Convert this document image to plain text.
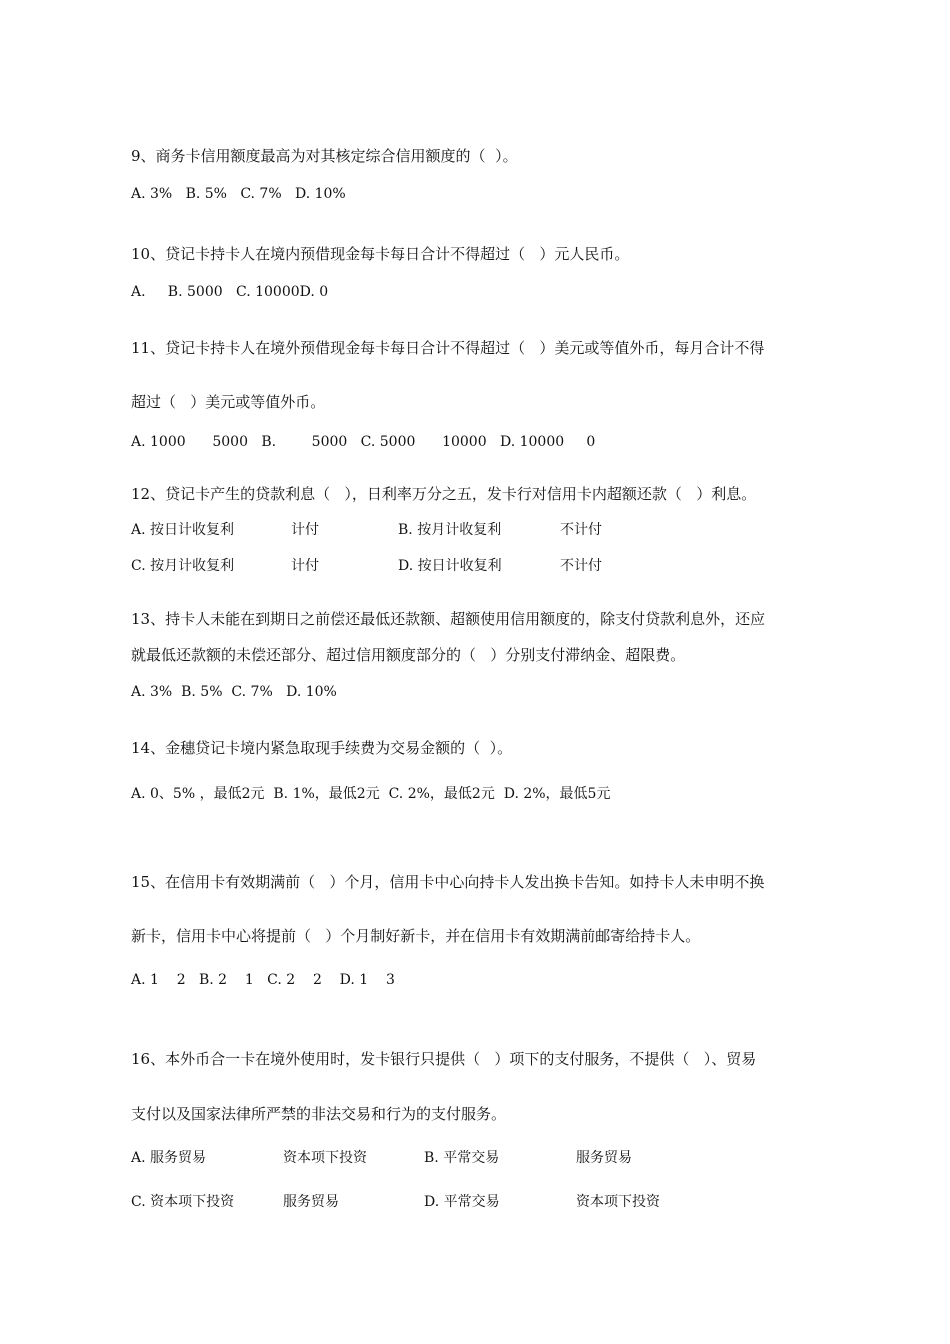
9、商务卡信用额度最高为对其核定综合信用额度的（  ）。
A. 3%   B. 5%   C. 7%   D. 10%
10、贷记卡持卡人在境内预借现金每卡每日合计不得超过（   ）元人民币。
A.     B. 5000   C. 10000D. 0
11、贷记卡持卡人在境外预借现金每卡每日合计不得超过（   ）美元或等值外币，每月合计不得
超过（   ）美元或等值外币。
A. 1000      5000   B.        5000   C. 5000      10000   D. 10000     0
12、贷记卡产生的贷款利息（   ），日利率万分之五，发卡行对信用卡内超额还款（   ）利息。
A. 按日计收复利	计付	B. 按月计收复利	不计付
C. 按月计收复利	计付	D. 按日计收复利	不计付
13、持卡人未能在到期日之前偿还最低还款额、超额使用信用额度的，除支付贷款利息外，还应
就最低还款额的未偿还部分、超过信用额度部分的（   ）分别支付滞纳金、超限费。
A. 3%  B. 5%  C. 7%   D. 10%
14、金穗贷记卡境内紧急取现手续费为交易金额的（  ）。
A. 0、5% ，最低2元  B. 1%，最低2元  C. 2%，最低2元  D. 2%，最低5元
15、在信用卡有效期满前（   ）个月，信用卡中心向持卡人发出换卡告知。如持卡人未申明不换
新卡，信用卡中心将提前（   ）个月制好新卡，并在信用卡有效期满前邮寄给持卡人。
A. 1    2   B. 2    1   C. 2    2    D. 1    3
16、本外币合一卡在境外使用时，发卡银行只提供（   ）项下的支付服务，不提供（   ）、贸易
支付以及国家法律所严禁的非法交易和行为的支付服务。
A. 服务贸易	资本项下投资	B. 平常交易	服务贸易
C. 资本项下投资	服务贸易	D. 平常交易	资本项下投资
